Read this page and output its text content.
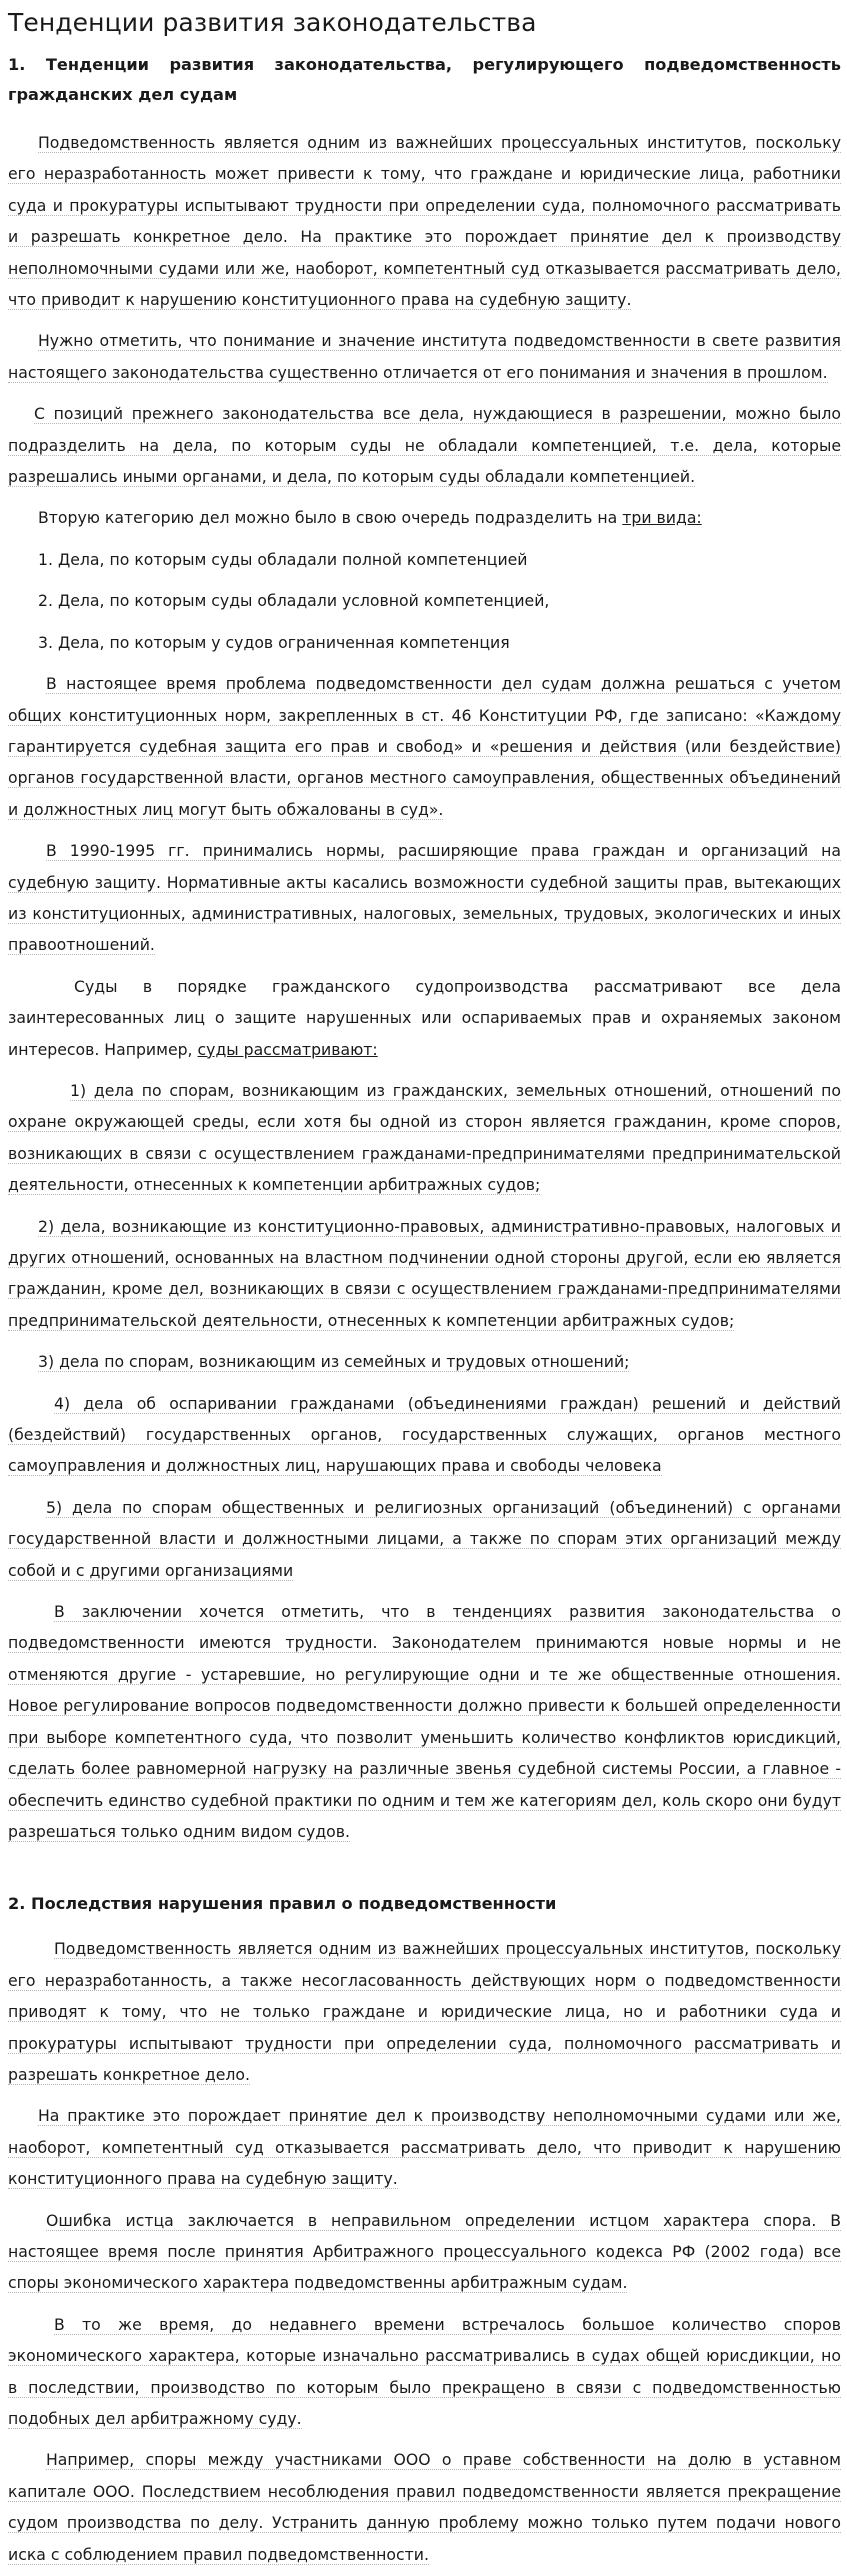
Тенденции развития законодательства
1. Тенденции развития законодательства, регулирующего подведомственность гражданских дел судам

Подведомственность является одним из важнейших процессуальных институтов, поскольку его неразработанность может привести к тому, что граждане и юридические лица, работники суда и прокуратуры испытывают трудности при определении суда, полномочного рассматривать и разрешать конкретное дело. На практике это порождает принятие дел к производству неполномочными судами или же, наоборот, компетентный суд отказывается рассматривать дело, что приводит к нарушению конституционного права на судебную защиту.

Нужно отметить, что понимание и значение института подведомственности в свете развития настоящего законодательства существенно отличается от его понимания и значения в прошлом.

С позиций прежнего законодательства все дела, нуждающиеся в разрешении, можно было подразделить на дела, по которым суды не обладали компетенцией, т.е. дела, которые разрешались иными органами, и дела, по которым суды обладали компетенцией.

Вторую категорию дел можно было в свою очередь подразделить на три вида:

1. Дела, по которым суды обладали полной компетенцией

2. Дела, по которым суды обладали условной компетенцией,

3. Дела, по которым у судов ограниченная компетенция

В настоящее время проблема подведомственности дел судам должна решаться с учетом общих конституционных норм, закрепленных в ст. 46 Конституции РФ, где записано: «Каждому гарантируется судебная защита его прав и свобод» и «решения и действия (или бездействие) органов государственной власти, органов местного самоуправления, общественных объединений и должностных лиц могут быть обжалованы в суд».

В 1990-1995 гг. принимались нормы, расширяющие права граждан и организаций на судебную защиту. Нормативные акты касались возможности судебной защиты прав, вытекающих из конституционных, административных, налоговых, земельных, трудовых, экологических и иных правоотношений.

Суды в порядке гражданского судопроизводства рассматривают все дела заинтересованных лиц о защите нарушенных или оспариваемых прав и охраняемых законом интересов. Например, суды рассматривают:

1) дела по спорам, возникающим из гражданских, земельных отношений, отношений по охране окружающей среды, если хотя бы одной из сторон является гражданин, кроме споров, возникающих в связи с осуществлением гражданами-предпринимателями предпринимательской деятельности, отнесенных к компетенции арбитражных судов;

2) дела, возникающие из конституционно-правовых, административно-правовых, налоговых и других отношений, основанных на властном подчинении одной стороны другой, если ею является гражданин, кроме дел, возникающих в связи с осуществлением гражданами-предпринимателями предпринимательской деятельности, отнесенных к компетенции арбитражных судов;

3) дела по спорам, возникающим из семейных и трудовых отношений;

4) дела об оспаривании гражданами (объединениями граждан) решений и действий (бездействий) государственных органов, государственных служащих, органов местного самоуправления и должностных лиц, нарушающих права и свободы человека

5) дела по спорам общественных и религиозных организаций (объединений) с органами государственной власти и должностными лицами, а также по спорам этих организаций между собой и с другими организациями

В заключении хочется отметить, что в тенденциях развития законодательства о подведомственности имеются трудности. Законодателем принимаются новые нормы и не отменяются другие - устаревшие, но регулирующие одни и те же общественные отношения. Новое регулирование вопросов подведомственности должно привести к большей определенности при выборе компетентного суда, что позволит уменьшить количество конфликтов юрисдикций, сделать более равномерной нагрузку на различные звенья судебной системы России, а главное - обеспечить единство судебной практики по одним и тем же категориям дел, коль скоро они будут разрешаться только одним видом судов.

2. Последствия нарушения правил о подведомственности

Подведомственность является одним из важнейших процессуальных институтов, поскольку его неразработанность, а также несогласованность действующих норм о подведомственности приводят к тому, что не только граждане и юридические лица, но и работники суда и прокуратуры испытывают трудности при определении суда, полномочного рассматривать и разрешать конкретное дело.

На практике это порождает принятие дел к производству неполномочными судами или же, наоборот, компетентный суд отказывается рассматривать дело, что приводит к нарушению конституционного права на судебную защиту.

Ошибка истца заключается в неправильном определении истцом характера спора. В настоящее время после принятия Арбитражного процессуального кодекса РФ (2002 года) все споры экономического характера подведомственны арбитражным судам.

В то же время, до недавнего времени встречалось большое количество споров экономического характера, которые изначально рассматривались в судах общей юрисдикции, но в последствии, производство по которым было прекращено в связи с подведомственностью подобных дел арбитражному суду.

Например, споры между участниками ООО о праве собственности на долю в уставном капитале ООО. Последствием несоблюдения правил подведомственности является прекращение судом производства по делу. Устранить данную проблему можно только путем подачи нового иска с соблюдением правил подведомственности.
